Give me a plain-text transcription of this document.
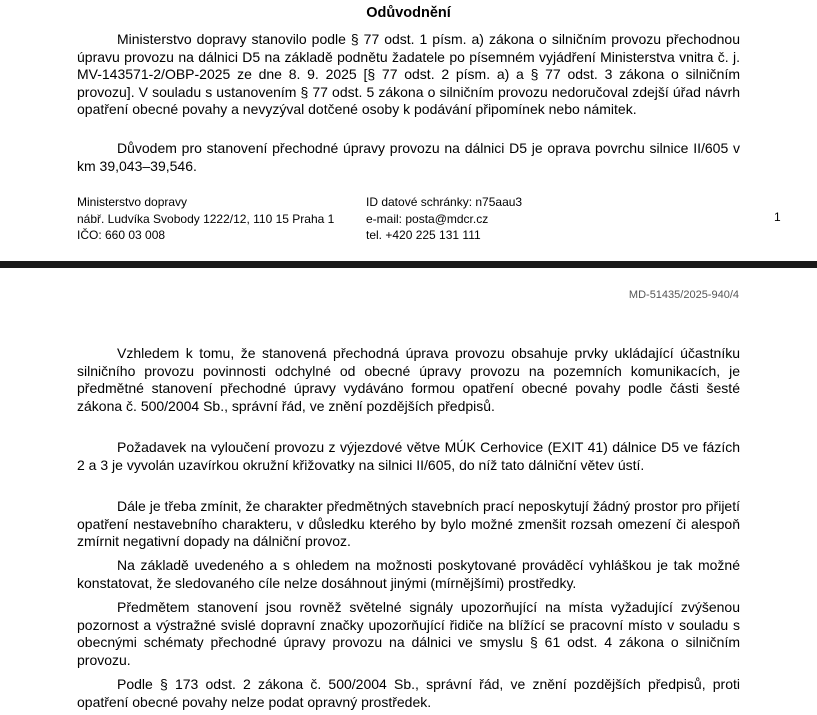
Odůvodnění

Ministerstvo dopravy stanovilo podle § 77 odst. 1 písm. a) zákona o silničním provozu přechodnou úpravu provozu na dálnici D5 na základě podnětu žadatele po písemném vyjádření Ministerstva vnitra č. j. MV-143571-2/OBP-2025 ze dne 8. 9. 2025 [§ 77 odst. 2 písm. a) a § 77 odst. 3 zákona o silničním provozu]. V souladu s ustanovením § 77 odst. 5 zákona o silničním provozu nedoručoval zdejší úřad návrh opatření obecné povahy a nevyzýval dotčené osoby k podávání připomínek nebo námitek.

Důvodem pro stanovení přechodné úpravy provozu na dálnici D5 je oprava povrchu silnice II/605 v km 39,043–39,546.

Ministerstvo dopravy
nábř. Ludvíka Svobody 1222/12, 110 15 Praha 1
IČO: 660 03 008
ID datové schránky: n75aau3
e-mail: posta@mdcr.cz
tel. +420 225 131 111
1
MD-51435/2025-940/4

Vzhledem k tomu, že stanovená přechodná úprava provozu obsahuje prvky ukládající účastníku silničního provozu povinnosti odchylné od obecné úpravy provozu na pozemních komunikacích, je předmětné stanovení přechodné úpravy vydáváno formou opatření obecné povahy podle části šesté zákona č. 500/2004 Sb., správní řád, ve znění pozdějších předpisů.

Požadavek na vyloučení provozu z výjezdové větve MÚK Cerhovice (EXIT 41) dálnice D5 ve fázích 2 a 3 je vyvolán uzavírkou okružní křižovatky na silnici II/605, do níž tato dálniční větev ústí.

Dále je třeba zmínit, že charakter předmětných stavebních prací neposkytují žádný prostor pro přijetí opatření nestavebního charakteru, v důsledku kterého by bylo možné zmenšit rozsah omezení či alespoň zmírnit negativní dopady na dálniční provoz.

Na základě uvedeného a s ohledem na možnosti poskytované prováděcí vyhláškou je tak možné konstatovat, že sledovaného cíle nelze dosáhnout jinými (mírnějšími) prostředky.

Předmětem stanovení jsou rovněž světelné signály upozorňující na místa vyžadující zvýšenou pozornost a výstražné svislé dopravní značky upozorňující řidiče na blížící se pracovní místo v souladu s obecnými schématy přechodné úpravy provozu na dálnici ve smyslu § 61 odst. 4 zákona o silničním provozu.

Podle § 173 odst. 2 zákona č. 500/2004 Sb., správní řád, ve znění pozdějších předpisů, proti opatření obecné povahy nelze podat opravný prostředek.
